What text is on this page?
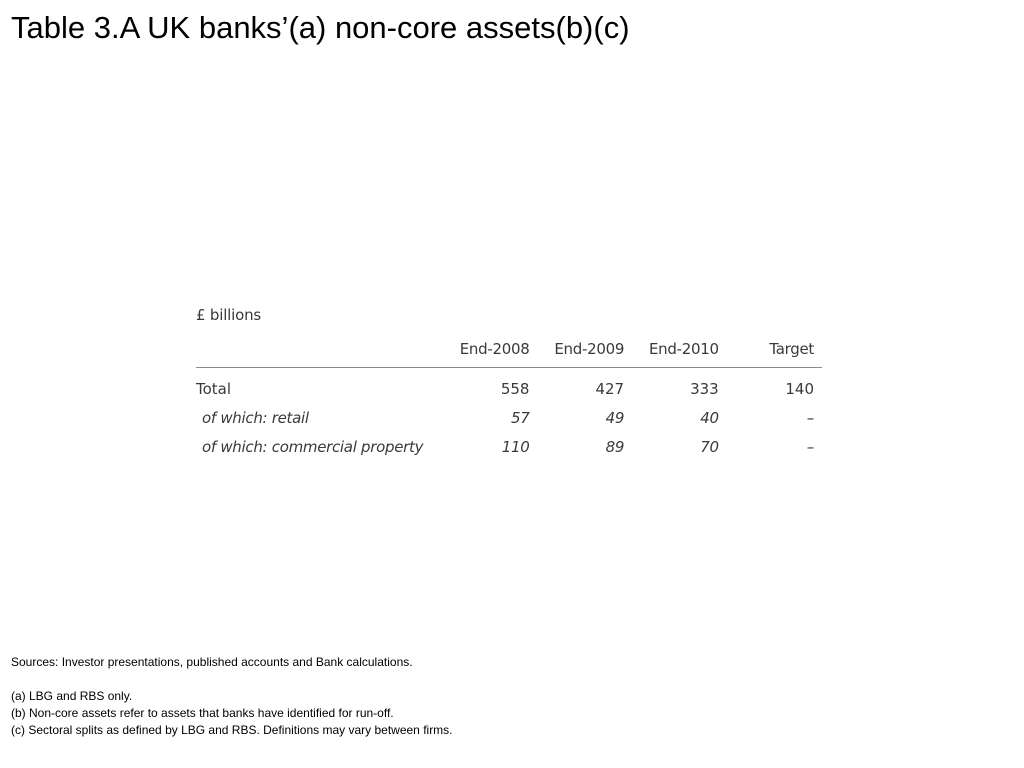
Table 3.A UK banks’(a) non-core assets(b)(c)
£ billions
	End-2008	End-2009	End-2010	Target
Total	558	427	333	140
of which: retail	57	49	40	–
of which: commercial property	110	89	70	–
Sources: Investor presentations, published accounts and Bank calculations.
(a) LBG and RBS only.
(b) Non-core assets refer to assets that banks have identified for run-off.
(c) Sectoral splits as defined by LBG and RBS. Definitions may vary between firms.
